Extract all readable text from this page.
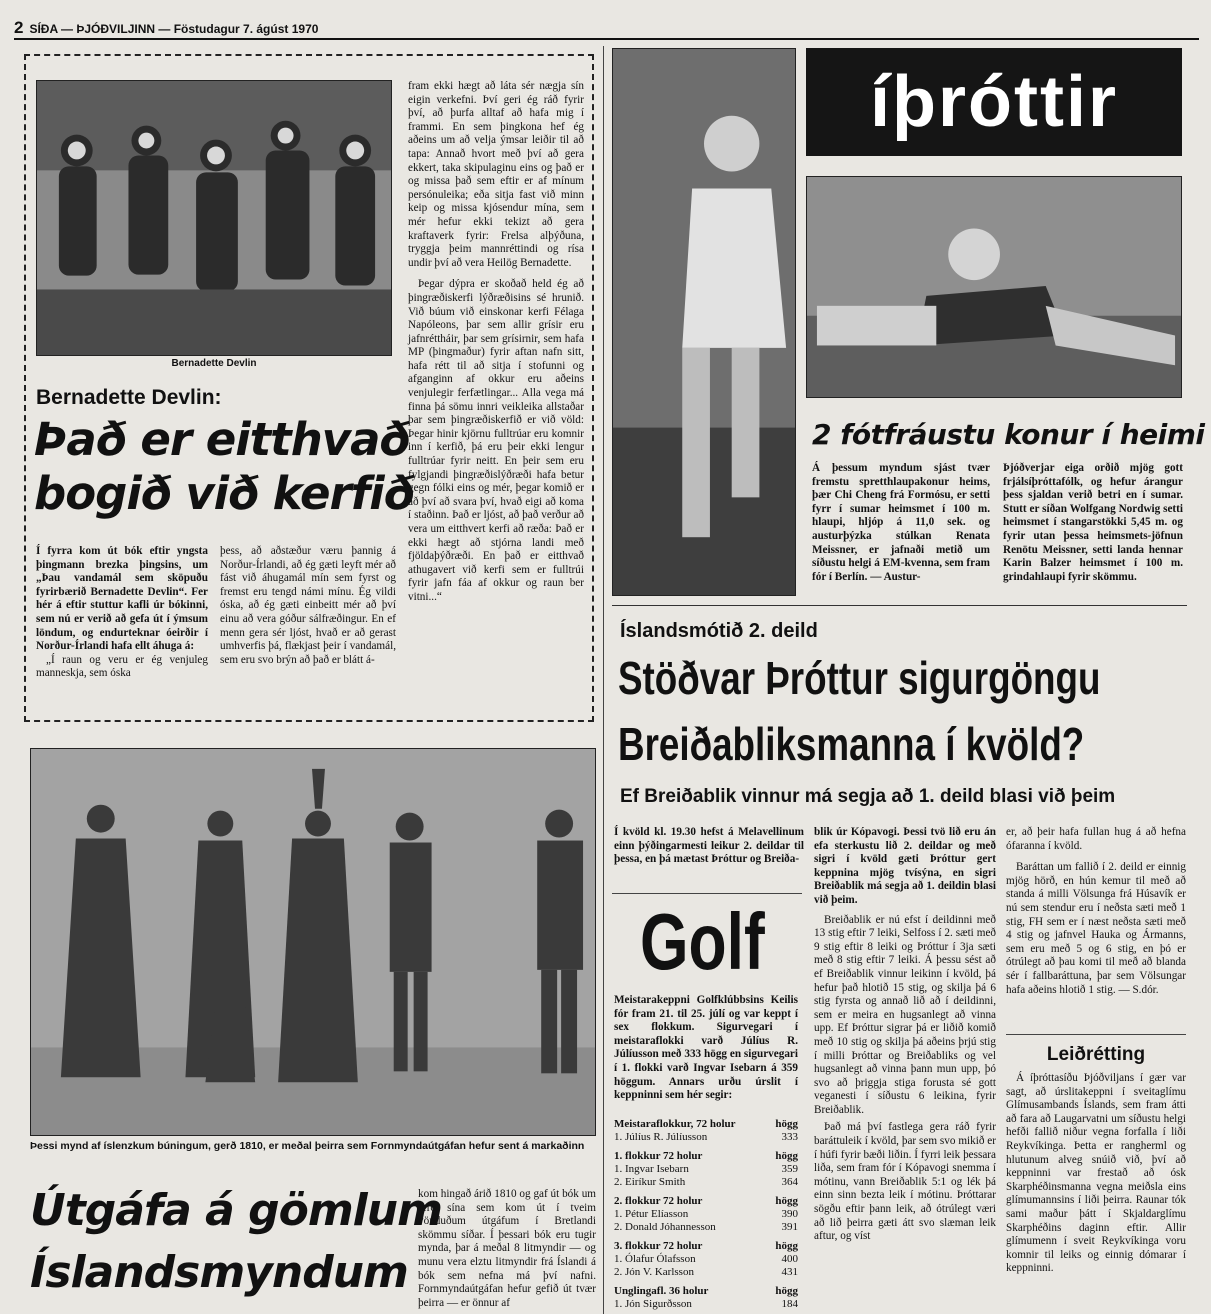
2 SÍÐA — ÞJÓÐVILJINN — Föstudagur 7. ágúst 1970
Bernadette Devlin
Bernadette Devlin:
Það er eitthvað
bogið við kerfið

Í fyrra kom út bók eftir yngsta þingmann brezka þingsins, um „Þau vandamál sem sköpuðu fyrirbærið Bernadette Devlin“. Fer hér á eftir stuttur kafli úr bókinni, sem nú er verið að gefa út í ýmsum löndum, og endurteknar óeirðir í Norður-Írlandi hafa ellt áhuga á:

„Í raun og veru er ég venjuleg manneskja, sem óska

þess, að aðstæður væru þannig á Norður-Írlandi, að ég gæti leyft mér að fást við áhugamál mín sem fyrst og fremst eru tengd námi mínu. Ég vildi óska, að ég gæti einbeitt mér að því einu að vera góður sálfræðingur. En ef menn gera sér ljóst, hvað er að gerast umhverfis þá, flækjast þeir í vandamál, sem eru svo brýn að það er blátt á-

fram ekki hægt að láta sér nægja sín eigin verkefni. Því geri ég ráð fyrir því, að þurfa alltaf að hafa mig í frammi. En sem þingkona hef ég aðeins um að velja ýmsar leiðir til að tapa: Annað hvort með því að gera ekkert, taka skipulaginu eins og það er og missa það sem eftir er af mínum persónuleika; eða sitja fast við minn keip og missa kjósendur mína, sem mér hefur ekki tekizt að gera kraftaverk fyrir: Frelsa alþýðuna, tryggja þeim mannréttindi og rísa undir því að vera Heilög Bernadette.

Þegar dýpra er skoðað held ég að þingræðiskerfi lýðræðisins sé hrunið. Við búum við einskonar kerfi Félaga Napóleons, þar sem allir grísir eru jafnréttháir, þar sem grísirnir, sem hafa MP (þingmaður) fyrir aftan nafn sitt, hafa rétt til að sitja í stofunni og afganginn af okkur eru aðeins venjulegir ferfætlingar... Alla vega má finna þá sömu innri veikleika allstaðar þar sem þingræðiskerfið er við völd: Þegar hinir kjörnu fulltrúar eru komnir inn í kerfið, þá eru þeir ekki lengur fulltrúar fyrir neitt. En þeir sem eru fylgjandi þingræðislýðræði hafa betur gegn fólki eins og mér, þegar komið er að því að svara því, hvað eigi að koma í staðinn. Það er ljóst, að það verður að vera um eitthvert kerfi að ræða: Það er ekki hægt að stjórna landi með fjöldaþýðræði. En það er eitthvað athugavert við kerfi sem er fulltrúi fyrir jafn fáa af okkur og raun ber vitni...“

Þessi mynd af íslenzkum búningum, gerð 1810, er meðal þeirra sem Fornmyndaútgáfan hefur sent á markaðinn
Útgáfa á gömlum
Íslandsmyndum
kom hingað árið 1810 og gaf út bók um ferð sína sem kom út í tveim vönduðum útgáfum í Bretlandi skömmu síðar. Í þessari bók eru tugir mynda, þar á meðal 8 litmyndir — og munu vera elztu litmyndir frá Íslandi á bók sem nefna má því nafni. Fornmyndaútgáfan hefur gefið út tvær þeirra — er önnur af
íþróttir
2 fótfráustu konur í heimi
Á þessum myndum sjást tvær fremstu spretthlaupakonur heims, þær Chi Cheng frá Formósu, er setti fyrr í sumar heimsmet í 100 m. hlaupi, hljóp á 11,0 sek. og austurþýzka stúlkan Renata Meissner, er jafnaði metið um síðustu helgi á EM-kvenna, sem fram fór í Berlín. — Austur-
Þjóðverjar eiga orðið mjög gott frjálsíþróttafólk, og hefur árangur þess sjaldan verið betri en í sumar. Stutt er síðan Wolfgang Nordwig setti heimsmet í stangarstökki 5,45 m. og fyrir utan þessa heimsmets-jöfnun Renötu Meissner, setti landa hennar Karin Balzer heimsmet í 100 m. grindahlaupi fyrir skömmu.
Íslandsmótið 2. deild
Stöðvar Þróttur sigurgöngu
Breiðabliksmanna í kvöld?
Ef Breiðablik vinnur má segja að 1. deild blasi við þeim
Í kvöld kl. 19.30 hefst á Melavellinum einn þýðingarmesti leikur 2. deildar til þessa, en þá mætast Þróttur og Breiða-
Golf
Meistarakeppni Golfklúbbsins Keilis fór fram 21. til 25. júlí og var keppt í sex flokkum. Sigurvegari í meistaraflokki varð Júlíus R. Júlíusson með 333 högg en sigurvegari í 1. flokki varð Ingvar Isebarn á 359 höggum. Annars urðu úrslit í keppninni sem hér segir:
Meistaraflokkur, 72 holur	högg
1. Júlíus R. Júlíusson	333
1. flokkur 72 holur	högg
1. Ingvar Isebarn	359
2. Eiríkur Smith	364
2. flokkur 72 holur	högg
1. Pétur Elíasson	390
2. Donald Jóhannesson	391
3. flokkur 72 holur	högg
1. Ólafur Ólafsson	400
2. Jón V. Karlsson	431
Unglingafl. 36 holur	högg
1. Jón Sigurðsson	184

blik úr Kópavogi. Þessi tvö lið eru án efa sterkustu lið 2. deildar og með sigri í kvöld gæti Þróttur gert keppnina mjög tvísýna, en sigri Breiðablik má segja að 1. deildin blasi við þeim.

Breiðablik er nú efst í deildinni með 13 stig eftir 7 leiki, Selfoss í 2. sæti með 9 stig eftir 8 leiki og Þróttur í 3ja sæti með 8 stig eftir 7 leiki. Á þessu sést að ef Breiðablik vinnur leikinn í kvöld, þá hefur það hlotið 15 stig, og skilja þá 6 stig fyrsta og annað lið að í deildinni, sem er meira en hugsanlegt að vinna upp. Ef Þróttur sigrar þá er liðið komið með 10 stig og skilja þá aðeins þrjú stig í milli Þróttar og Breiðabliks og vel hugsanlegt að vinna þann mun upp, þó svo að þriggja stiga forusta sé gott veganesti í síðustu 6 leikina, fyrir Breiðablik.

Það má því fastlega gera ráð fyrir baráttuleik í kvöld, þar sem svo mikið er í húfi fyrir bæði liðin. Í fyrri leik þessara liða, sem fram fór í Kópavogi snemma í mótinu, vann Breiðablik 5:1 og lék þá einn sinn bezta leik í mótinu. Þróttarar sögðu eftir þann leik, að ótrúlegt væri að lið þeirra gæti átt svo slæman leik aftur, og víst

er, að þeir hafa fullan hug á að hefna ófaranna í kvöld.

Baráttan um fallið í 2. deild er einnig mjög hörð, en hún kemur til með að standa á milli Völsunga frá Húsavík er nú sem stendur eru í neðsta sæti með 1 stig, FH sem er í næst neðsta sæti með 4 stig og jafnvel Hauka og Ármanns, sem eru með 5 og 6 stig, en þó er ótrúlegt að þau komi til með að blanda sér í fallbaráttuna, þar sem Völsungar hafa aðeins hlotið 1 stig. — S.dór.

Leiðrétting
Á íþróttasíðu Þjóðviljans í gær var sagt, að úrslitakeppni í sveitaglímu Glímusambands Íslands, sem fram átti að fara að Laugarvatni um síðustu helgi hefði fallið niður vegna forfalla í liði Reykvíkinga. Þetta er rangherml og hlutunum alveg snúið við, því að keppninni var frestað að ósk Skarphéðinsmanna vegna meiðsla eins glímumannsins í liði þeirra. Raunar tók sami maður þátt í Skjaldarglímu Skarphéðins daginn eftir. Allir glímumenn í sveit Reykvíkinga voru komnir til leiks og einnig dómarar í keppninni.
